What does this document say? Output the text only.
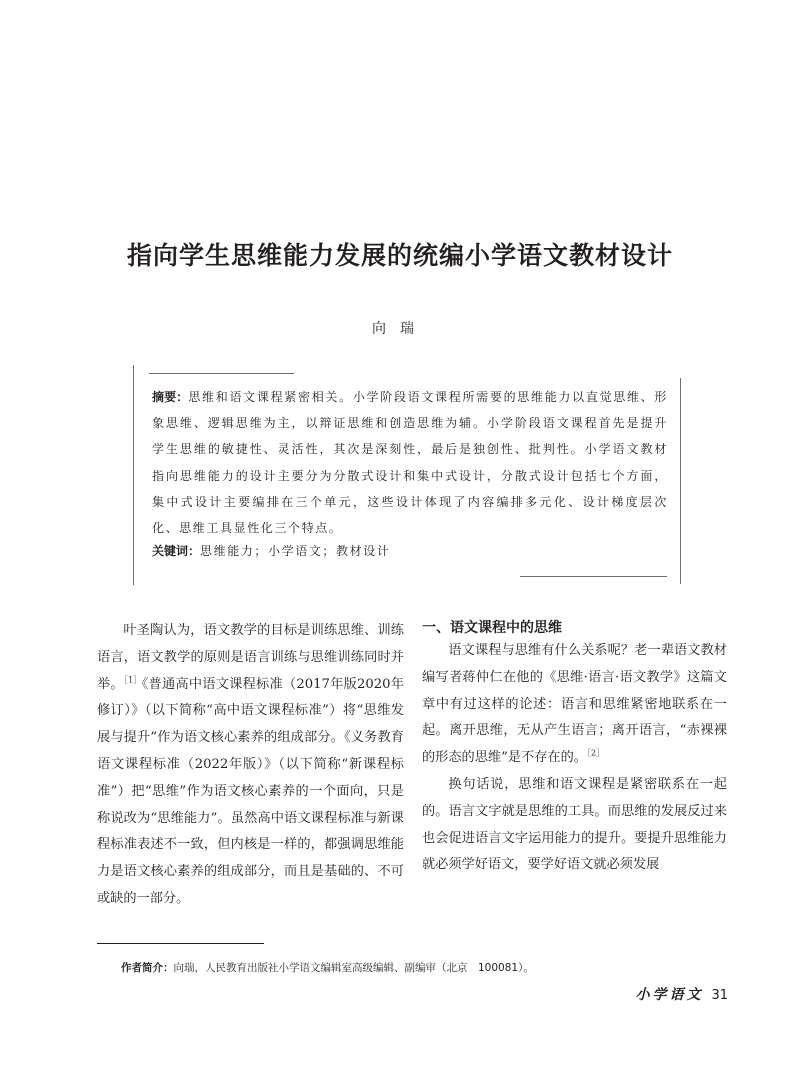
指向学生思维能力发展的统编小学语文教材设计
向瑞
摘要：思维和语文课程紧密相关。小学阶段语文课程所需要的思维能力以直觉思维、形象思维、逻辑思维为主，以辩证思维和创造思维为辅。小学阶段语文课程首先是提升学生思维的敏捷性、灵活性，其次是深刻性，最后是独创性、批判性。小学语文教材指向思维能力的设计主要分为分散式设计和集中式设计，分散式设计包括七个方面，集中式设计主要编排在三个单元，这些设计体现了内容编排多元化、设计梯度层次化、思维工具显性化三个特点。
关键词：思维能力；小学语文；教材设计

叶圣陶认为，语文教学的目标是训练思维、训练语言，语文教学的原则是语言训练与思维训练同时并举。$^{[1]}$《普通高中语文课程标准（2017年版2020年修订）》（以下简称“高中语文课程标准”）将“思维发展与提升”作为语文核心素养的组成部分。《义务教育语文课程标准（2022年版）》（以下简称“新课程标准”）把“思维”作为语文核心素养的一个面向，只是称说改为“思维能力”。虽然高中语文课程标准与新课程标准表述不一致，但内核是一样的，都强调思维能力是语文核心素养的组成部分，而且是基础的、不可或缺的一部分。

一、语文课程中的思维

语文课程与思维有什么关系呢？老一辈语文教材编写者蒋仲仁在他的《思维·语言·语文教学》这篇文章中有过这样的论述：语言和思维紧密地联系在一起。离开思维，无从产生语言；离开语言，“赤裸裸的形态的思维”是不存在的。$^{[2]}$

换句话说，思维和语文课程是紧密联系在一起的。语言文字就是思维的工具。而思维的发展反过来也会促进语言文字运用能力的提升。要提升思维能力就必须学好语文，要学好语文就必须发展

作者简介：向瑞，人民教育出版社小学语文编辑室高级编辑、副编审（北京　100081）。
小学语文 31
